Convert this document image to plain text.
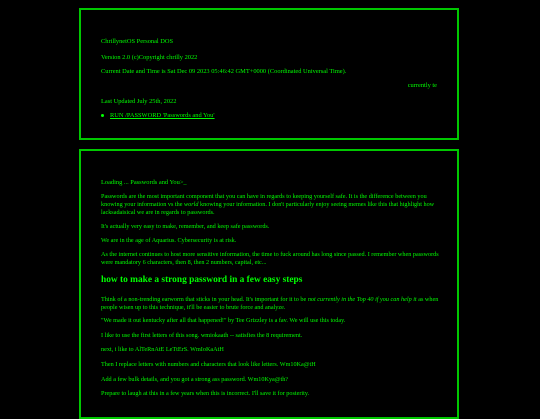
ChrillynetOS Personal DOS
Version 2.0 (c)Copyright chrilly 2022
Current Date and Time is Sat Dec 09 2023 05:46:42 GMT+0000 (Coordinated Universal Time).
currently te
Last Updated July 25th, 2022
RUN /PASSWORD 'Passwords and You'
Loading ... Passwords and You>_
Passwords are the most important component that you can have in regards to keeping yourself safe. It is the difference between you knowing your information vs the world knowing your information. I don't particularly enjoy seeing memes like this that highlight how lacksadaisical we are in regards to passwords.
It's actually very easy to make, remember, and keep safe passwords.
We are in the age of Aquarius. Cybersecurity is at risk.
As the internet continues to host more sensitive information, the time to fuck around has long since passed. I remember when passwords were mandatory 6 characters, then 8, then 2 numbers, capital, etc...
how to make a strong password in a few easy steps
Think of a non-trending earworm that sticks in your head. It's important for it to be not currently in the Top 40 if you can help it as when people wisen up to this technique, it'll be easier to brute force and analyze.
"We made it out kentucky after all that happened!" by Tee Grizzley is a fav. We will use this today.
I like to use the first letters of this song. wmiokaath -- satisfies the 8 requirement.
next, i like to AlTeRnAtE LeTtErS. WmIoKaAtH
Then I replace letters with numbers and characters that look like letters. Wm10Ka@tH
Add a few bulk details, and you got a strong ass password. Wm10Kya@th?
Prepare to laugh at this in a few years when this is incorrect. I'll save it for posterity.
